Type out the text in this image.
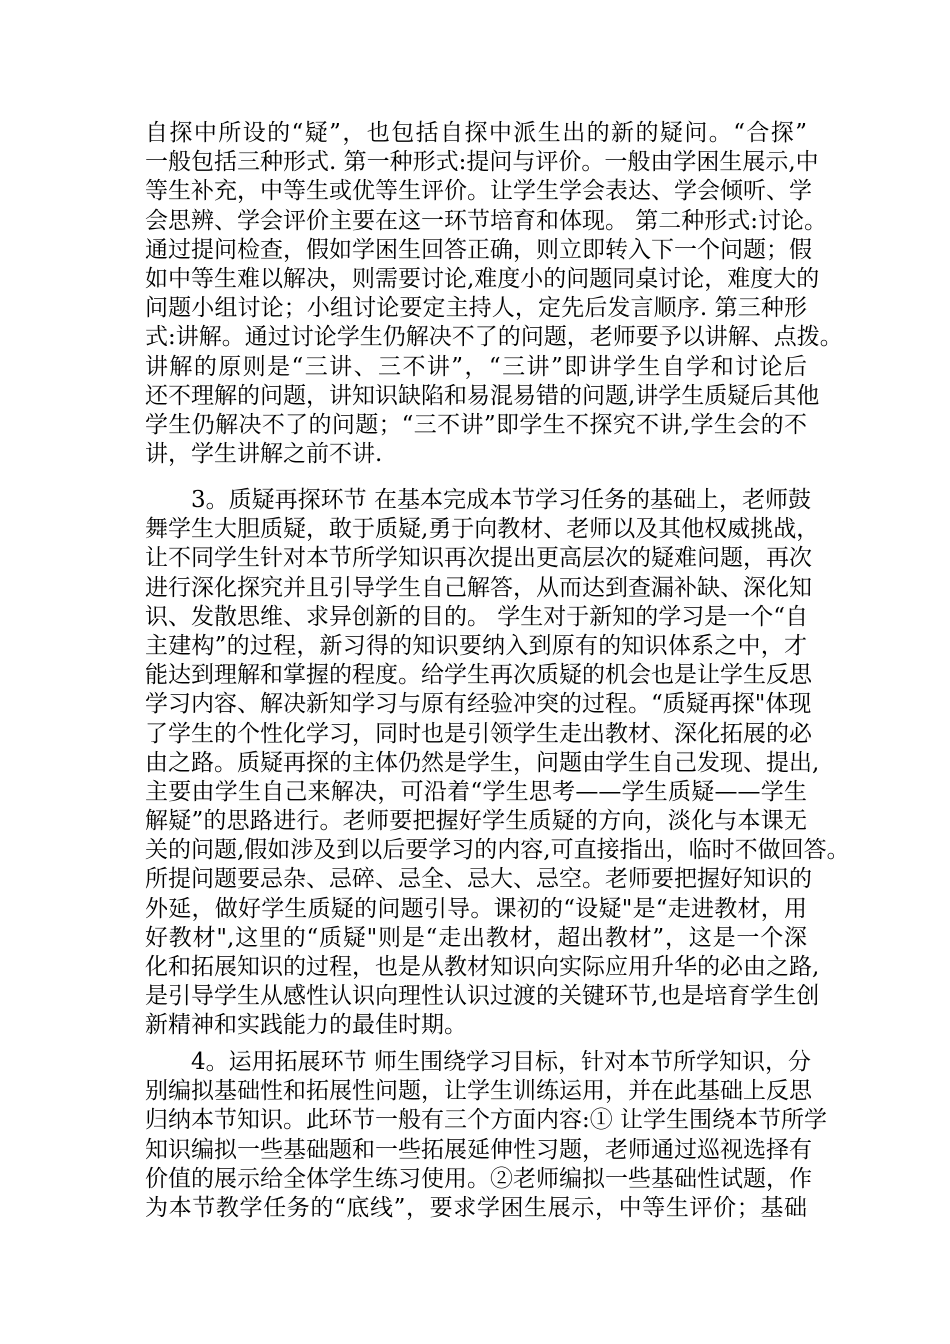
自探中所设的“疑”，也包括自探中派生出的新的疑问。“合探”
一般包括三种形式. 第一种形式:提问与评价。一般由学困生展示,中
等生补充，中等生或优等生评价。让学生学会表达、学会倾听、学
会思辨、学会评价主要在这一环节培育和体现。 第二种形式:讨论。
通过提问检查，假如学困生回答正确，则立即转入下一个问题；假
如中等生难以解决，则需要讨论,难度小的问题同桌讨论，难度大的
问题小组讨论；小组讨论要定主持人，定先后发言顺序. 第三种形
式:讲解。通过讨论学生仍解决不了的问题，老师要予以讲解、点拨。
讲解的原则是“三讲、三不讲”，“三讲”即讲学生自学和讨论后
还不理解的问题，讲知识缺陷和易混易错的问题,讲学生质疑后其他
学生仍解决不了的问题；“三不讲”即学生不探究不讲,学生会的不
讲，学生讲解之前不讲.
3。质疑再探环节 在基本完成本节学习任务的基础上，老师鼓
舞学生大胆质疑，敢于质疑,勇于向教材、老师以及其他权威挑战，
让不同学生针对本节所学知识再次提出更高层次的疑难问题，再次
进行深化探究并且引导学生自己解答，从而达到查漏补缺、深化知
识、发散思维、求异创新的目的。 学生对于新知的学习是一个“自
主建构”的过程，新习得的知识要纳入到原有的知识体系之中，才
能达到理解和掌握的程度。给学生再次质疑的机会也是让学生反思
学习内容、解决新知学习与原有经验冲突的过程。“质疑再探"体现
了学生的个性化学习，同时也是引领学生走出教材、深化拓展的必
由之路。质疑再探的主体仍然是学生，问题由学生自己发现、提出,
主要由学生自己来解决，可沿着“学生思考——学生质疑——学生
解疑”的思路进行。老师要把握好学生质疑的方向，淡化与本课无
关的问题,假如涉及到以后要学习的内容,可直接指出，临时不做回答。
所提问题要忌杂、忌碎、忌全、忌大、忌空。老师要把握好知识的
外延，做好学生质疑的问题引导。课初的“设疑"是“走进教材，用
好教材",这里的“质疑"则是“走出教材，超出教材”，这是一个深
化和拓展知识的过程，也是从教材知识向实际应用升华的必由之路,
是引导学生从感性认识向理性认识过渡的关键环节,也是培育学生创
新精神和实践能力的最佳时期。
4。运用拓展环节 师生围绕学习目标，针对本节所学知识，分
别编拟基础性和拓展性问题，让学生训练运用，并在此基础上反思
归纳本节知识。此环节一般有三个方面内容:① 让学生围绕本节所学
知识编拟一些基础题和一些拓展延伸性习题，老师通过巡视选择有
价值的展示给全体学生练习使用。②老师编拟一些基础性试题，作
为本节教学任务的“底线”，要求学困生展示，中等生评价；基础
